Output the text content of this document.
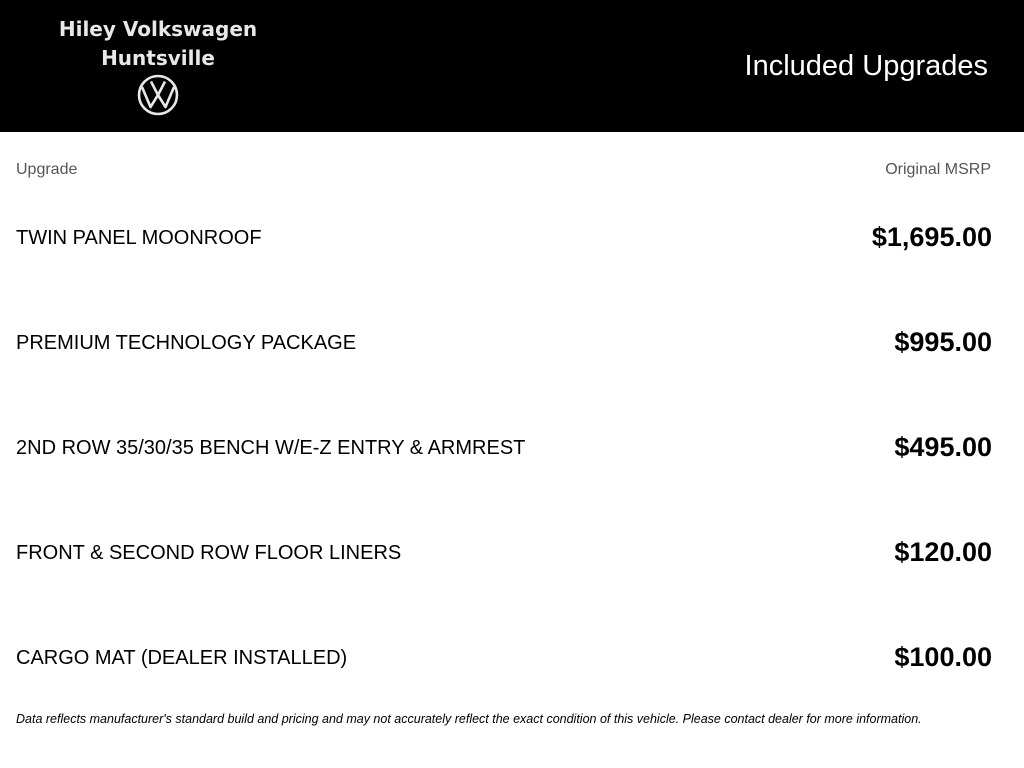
Hiley Volkswagen
Huntsville	Included Upgrades
Upgrade	Original MSRP
TWIN PANEL MOONROOF	$1,695.00
PREMIUM TECHNOLOGY PACKAGE	$995.00
2ND ROW 35/30/35 BENCH W/E-Z ENTRY & ARMREST	$495.00
FRONT & SECOND ROW FLOOR LINERS	$120.00
CARGO MAT (DEALER INSTALLED)	$100.00
Data reflects manufacturer's standard build and pricing and may not accurately reflect the exact condition of this vehicle. Please contact dealer for more information.
